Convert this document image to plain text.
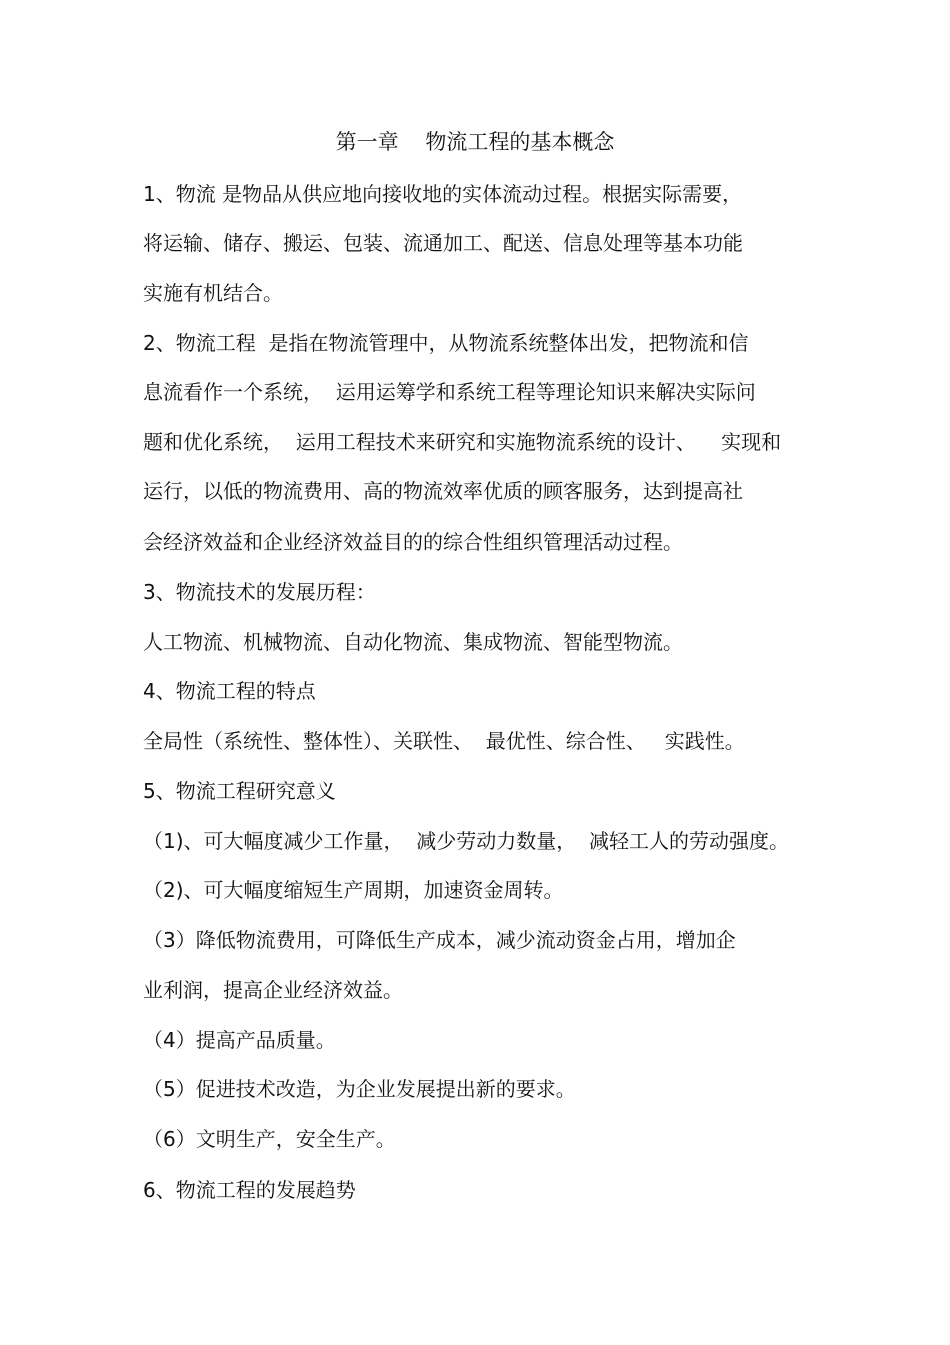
第一章    物流工程的基本概念

1、物流 是物品从供应地向接收地的实体流动过程。根据实际需要，

将运输、储存、搬运、包装、流通加工、配送、信息处理等基本功能

实施有机结合。

2、物流工程  是指在物流管理中，从物流系统整体出发，把物流和信

息流看作一个系统，  运用运筹学和系统工程等理论知识来解决实际问

题和优化系统，  运用工程技术来研究和实施物流系统的设计、    实现和

运行，以低的物流费用、高的物流效率优质的顾客服务，达到提高社

会经济效益和企业经济效益目的的综合性组织管理活动过程。

3、物流技术的发展历程：

人工物流、机械物流、自动化物流、集成物流、智能型物流。

4、物流工程的特点

全局性（系统性、整体性）、关联性、  最优性、综合性、   实践性。

5、物流工程研究意义

（1)、可大幅度减少工作量，  减少劳动力数量，  减轻工人的劳动强度。

（2)、可大幅度缩短生产周期，加速资金周转。

（3）降低物流费用，可降低生产成本，减少流动资金占用，增加企

业利润，提高企业经济效益。

（4）提高产品质量。

（5）促进技术改造，为企业发展提出新的要求。

（6）文明生产，安全生产。

6、物流工程的发展趋势
